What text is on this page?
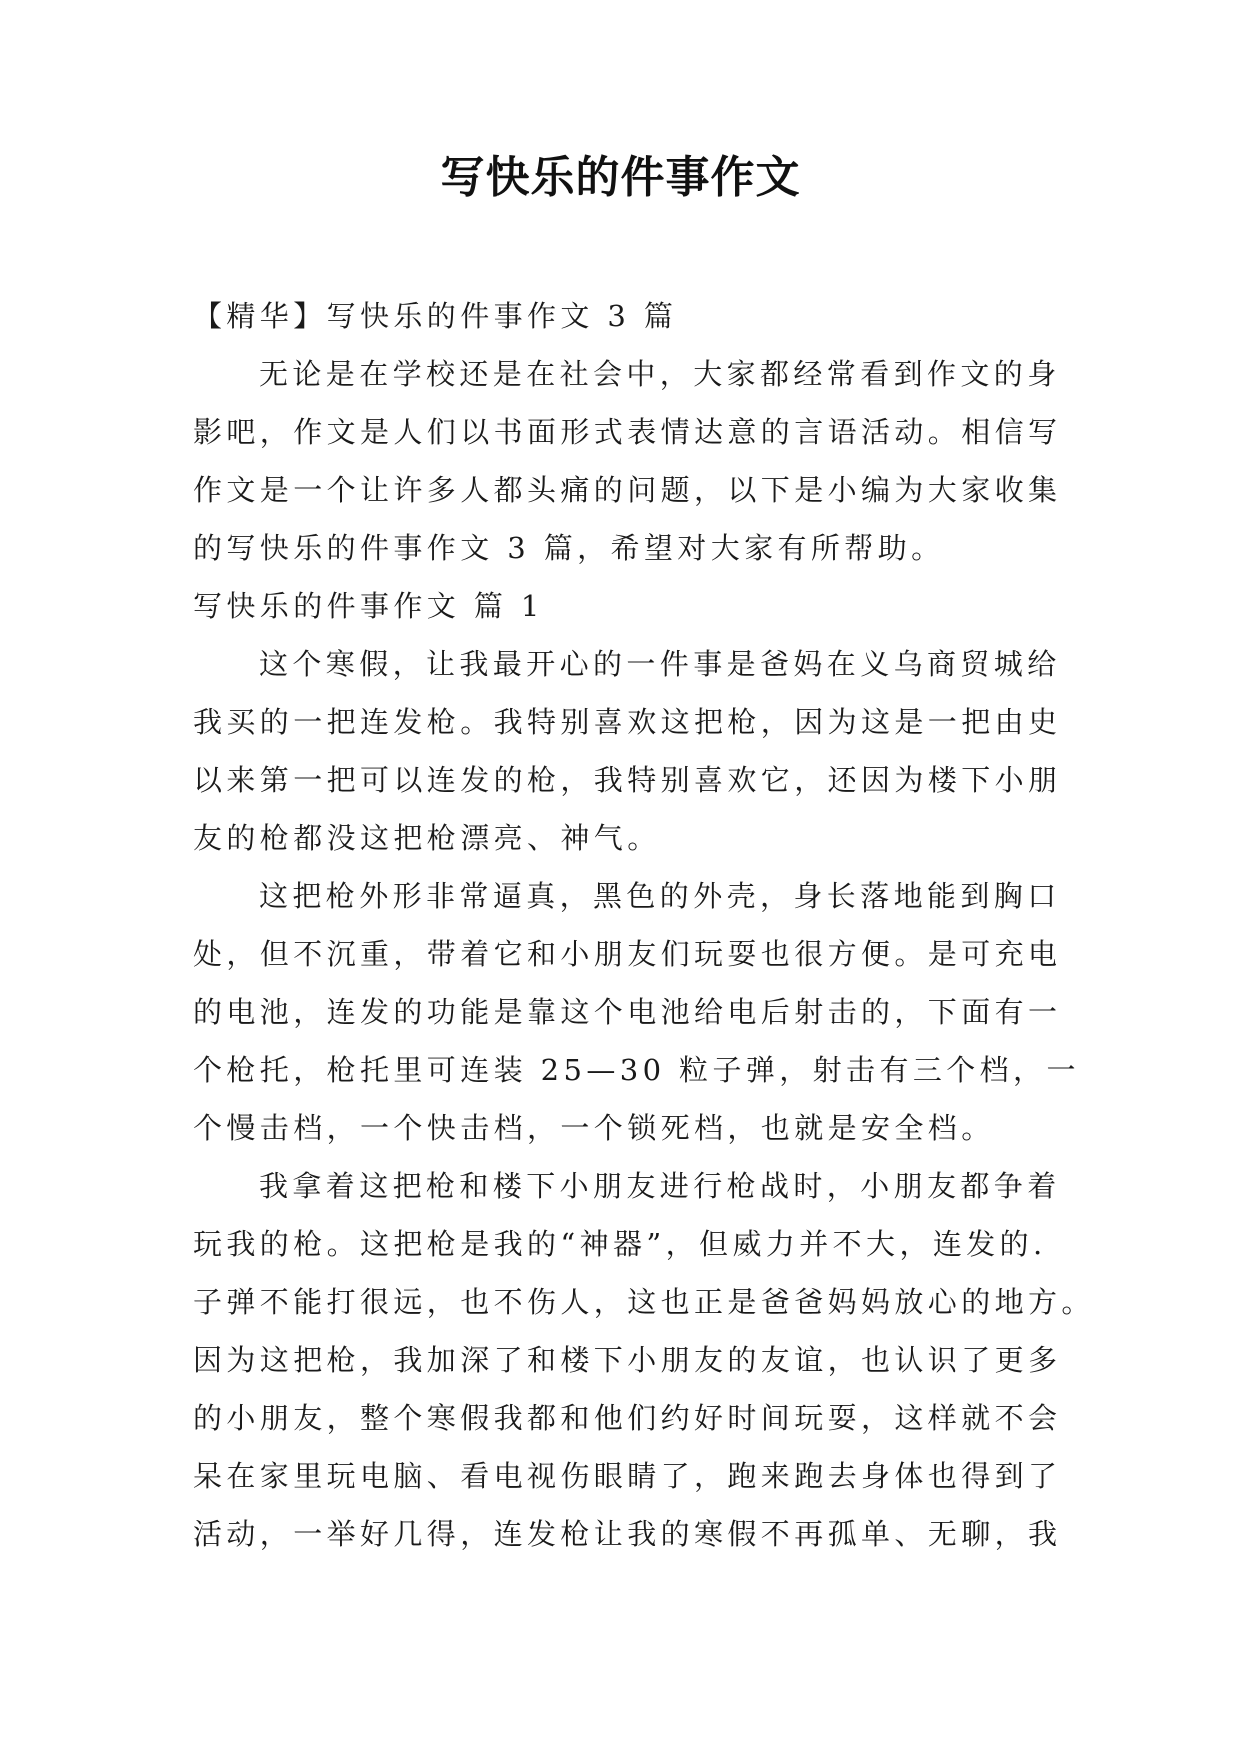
写快乐的件事作文
【精华】写快乐的件事作文 3 篇
无论是在学校还是在社会中，大家都经常看到作文的身
影吧，作文是人们以书面形式表情达意的言语活动。相信写
作文是一个让许多人都头痛的问题，以下是小编为大家收集
的写快乐的件事作文 3 篇，希望对大家有所帮助。
写快乐的件事作文 篇 1
这个寒假，让我最开心的一件事是爸妈在义乌商贸城给
我买的一把连发枪。我特别喜欢这把枪，因为这是一把由史
以来第一把可以连发的枪，我特别喜欢它，还因为楼下小朋
友的枪都没这把枪漂亮、神气。
这把枪外形非常逼真，黑色的外壳，身长落地能到胸口
处，但不沉重，带着它和小朋友们玩耍也很方便。是可充电
的电池，连发的功能是靠这个电池给电后射击的，下面有一
个枪托，枪托里可连装 25—30 粒子弹，射击有三个档，一
个慢击档，一个快击档，一个锁死档，也就是安全档。
我拿着这把枪和楼下小朋友进行枪战时，小朋友都争着
玩我的枪。这把枪是我的“神器”，但威力并不大，连发的.
子弹不能打很远，也不伤人，这也正是爸爸妈妈放心的地方。
因为这把枪，我加深了和楼下小朋友的友谊，也认识了更多
的小朋友，整个寒假我都和他们约好时间玩耍，这样就不会
呆在家里玩电脑、看电视伤眼睛了，跑来跑去身体也得到了
活动，一举好几得，连发枪让我的寒假不再孤单、无聊，我
